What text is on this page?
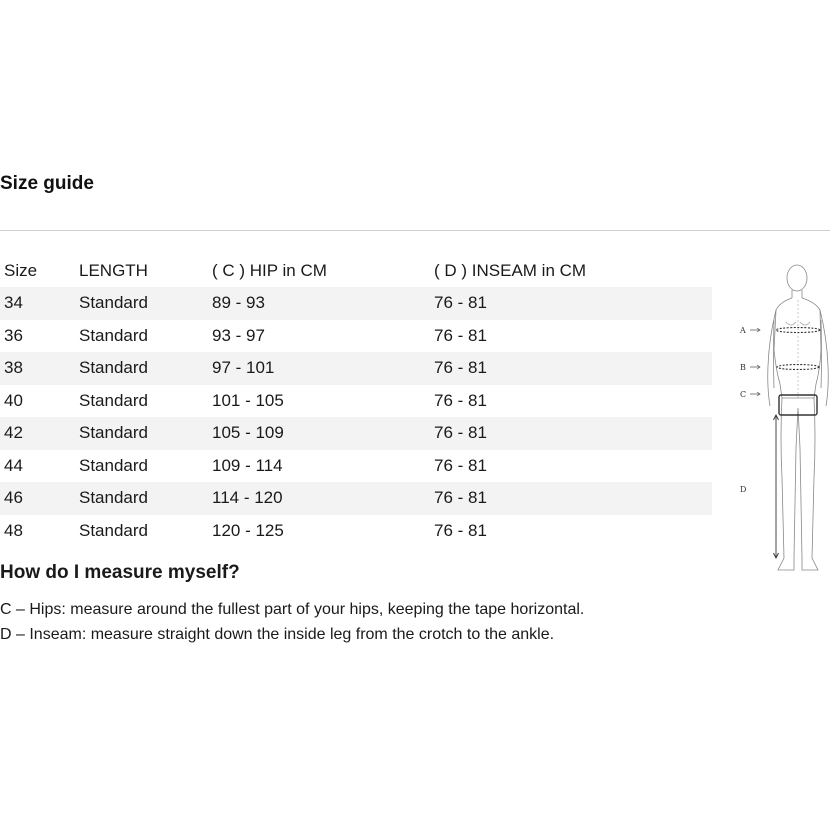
Size guide
Size	LENGTH	( C ) HIP in CM	( D ) INSEAM in CM
34	Standard	89 - 93	76 - 81
36	Standard	93 - 97	76 - 81
38	Standard	97 - 101	76 - 81
40	Standard	101 - 105	76 - 81
42	Standard	105 - 109	76 - 81
44	Standard	109 - 114	76 - 81
46	Standard	114 - 120	76 - 81
48	Standard	120 - 125	76 - 81
A
B
C
D
How do I measure myself?
C – Hips: measure around the fullest part of your hips, keeping the tape horizontal.
D – Inseam: measure straight down the inside leg from the crotch to the ankle.
